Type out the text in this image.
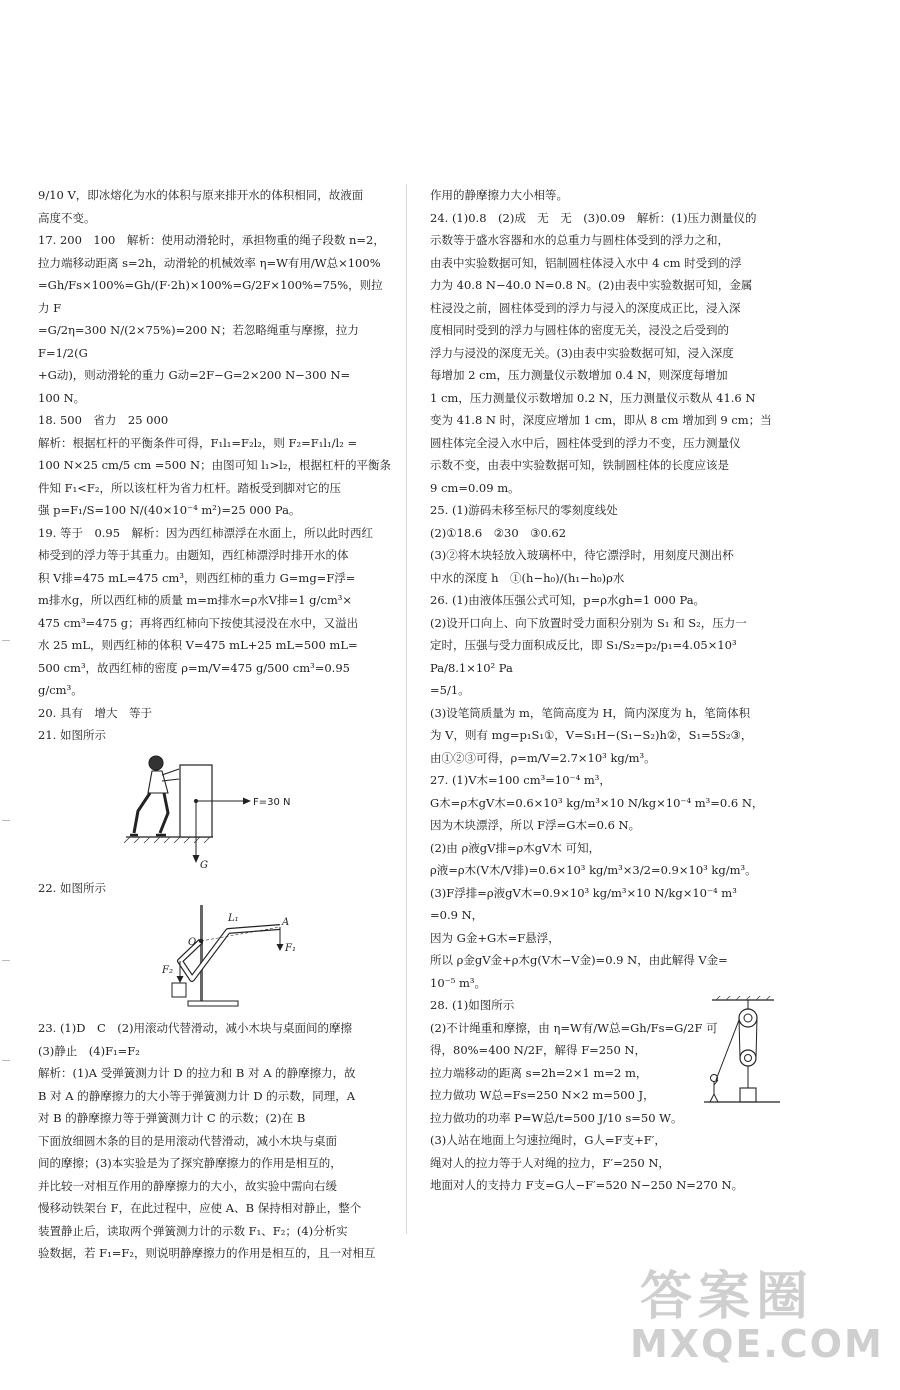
9/10 V，即冰熔化为水的体积与原来排开水的体积相同，故液面

高度不变。

17. 200　100　解析：使用动滑轮时，承担物重的绳子段数 n=2，

拉力端移动距离 s=2h，动滑轮的机械效率 η=W有用/W总×100%

=Gh/Fs×100%=Gh/(F·2h)×100%=G/2F×100%=75%，则拉力 F

=G/2η=300 N/(2×75%)=200 N；若忽略绳重与摩擦，拉力 F=1/2(G

+G动)，则动滑轮的重力 G动=2F−G=2×200 N−300 N=

100 N。

18. 500　省力　25 000

解析：根据杠杆的平衡条件可得，F₁l₁=F₂l₂，则 F₂=F₁l₁/l₂ =

100 N×25 cm/5 cm =500 N；由图可知 l₁>l₂，根据杠杆的平衡条

件知 F₁<F₂，所以该杠杆为省力杠杆。踏板受到脚对它的压

强 p=F₁/S=100 N/(40×10⁻⁴ m²)=25 000 Pa。

19. 等于　0.95　解析：因为西红柿漂浮在水面上，所以此时西红

柿受到的浮力等于其重力。由题知，西红柿漂浮时排开水的体

积 V排=475 mL=475 cm³，则西红柿的重力 G=mg=F浮=

m排水g，所以西红柿的质量 m=m排水=ρ水V排=1 g/cm³×

475 cm³=475 g；再将西红柿向下按使其浸没在水中，又溢出

水 25 mL，则西红柿的体积 V=475 mL+25 mL=500 mL=

500 cm³，故西红柿的密度 ρ=m/V=475 g/500 cm³=0.95 g/cm³。

20. 具有　增大　等于

21. 如图所示

F=30 N
G

22. 如图所示

O
A
L₁
F₁
F₂

23. (1)D　C　(2)用滚动代替滑动，减小木块与桌面间的摩擦

(3)静止　(4)F₁=F₂

解析：(1)A 受弹簧测力计 D 的拉力和 B 对 A 的静摩擦力，故

B 对 A 的静摩擦力的大小等于弹簧测力计 D 的示数，同理，A

对 B 的静摩擦力等于弹簧测力计 C 的示数；(2)在 B

下面放细圆木条的目的是用滚动代替滑动，减小木块与桌面

间的摩擦；(3)本实验是为了探究静摩擦力的作用是相互的，

并比较一对相互作用的静摩擦力的大小，故实验中需向右缓

慢移动铁架台 F，在此过程中，应使 A、B 保持相对静止，整个

装置静止后，读取两个弹簧测力计的示数 F₁、F₂；(4)分析实

验数据，若 F₁=F₂，则说明静摩擦力的作用是相互的，且一对相互

作用的静摩擦力大小相等。

24. (1)0.8　(2)成　无　无　(3)0.09　解析：(1)压力测量仪的

示数等于盛水容器和水的总重力与圆柱体受到的浮力之和，

由表中实验数据可知，铝制圆柱体浸入水中 4 cm 时受到的浮

力为 40.8 N−40.0 N=0.8 N。(2)由表中实验数据可知，金属

柱浸没之前，圆柱体受到的浮力与浸入的深度成正比，浸入深

度相同时受到的浮力与圆柱体的密度无关，浸没之后受到的

浮力与浸没的深度无关。(3)由表中实验数据可知，浸入深度

每增加 2 cm，压力测量仪示数增加 0.4 N，则深度每增加

1 cm，压力测量仪示数增加 0.2 N，压力测量仪示数从 41.6 N

变为 41.8 N 时，深度应增加 1 cm，即从 8 cm 增加到 9 cm；当

圆柱体完全浸入水中后，圆柱体受到的浮力不变，压力测量仪

示数不变，由表中实验数据可知，铁制圆柱体的长度应该是

9 cm=0.09 m。

25. (1)游码未移至标尺的零刻度线处

(2)①18.6　②30　③0.62

(3)②将木块轻放入玻璃杯中，待它漂浮时，用刻度尺测出杯

中水的深度 h　①(h−h₀)/(h₁−h₀)ρ水

26. (1)由液体压强公式可知，p=ρ水gh=1 000 Pa。

(2)设开口向上、向下放置时受力面积分别为 S₁ 和 S₂，压力一

定时，压强与受力面积成反比，即 S₁/S₂=p₂/p₁=4.05×10³ Pa/8.1×10² Pa

=5/1。

(3)设笔筒质量为 m，笔筒高度为 H，筒内深度为 h，笔筒体积

为 V，则有 mg=p₁S₁①，V=S₁H−(S₁−S₂)h②，S₁=5S₂③，

由①②③可得，ρ=m/V=2.7×10³ kg/m³。

27. (1)V木=100 cm³=10⁻⁴ m³，

G木=ρ木gV木=0.6×10³ kg/m³×10 N/kg×10⁻⁴ m³=0.6 N，

因为木块漂浮，所以 F浮=G木=0.6 N。

(2)由 ρ液gV排=ρ木gV木 可知，

ρ液=ρ木(V木/V排)=0.6×10³ kg/m³×3/2=0.9×10³ kg/m³。

(3)F浮排=ρ液gV木=0.9×10³ kg/m³×10 N/kg×10⁻⁴ m³

=0.9 N，

因为 G金+G木=F悬浮，

所以 ρ金gV金+ρ木g(V木−V金)=0.9 N，由此解得 V金=

10⁻⁵ m³。

28. (1)如图所示

(2)不计绳重和摩擦，由 η=W有/W总=Gh/Fs=G/2F 可

得，80%=400 N/2F，解得 F=250 N，

拉力端移动的距离 s=2h=2×1 m=2 m，

拉力做功 W总=Fs=250 N×2 m=500 J，

拉力做功的功率 P=W总/t=500 J/10 s=50 W。

(3)人站在地面上匀速拉绳时，G人=F支+F′，

绳对人的拉力等于人对绳的拉力，F′=250 N，

地面对人的支持力 F支=G人−F′=520 N−250 N=270 N。

答案圈
MXQE.COM
